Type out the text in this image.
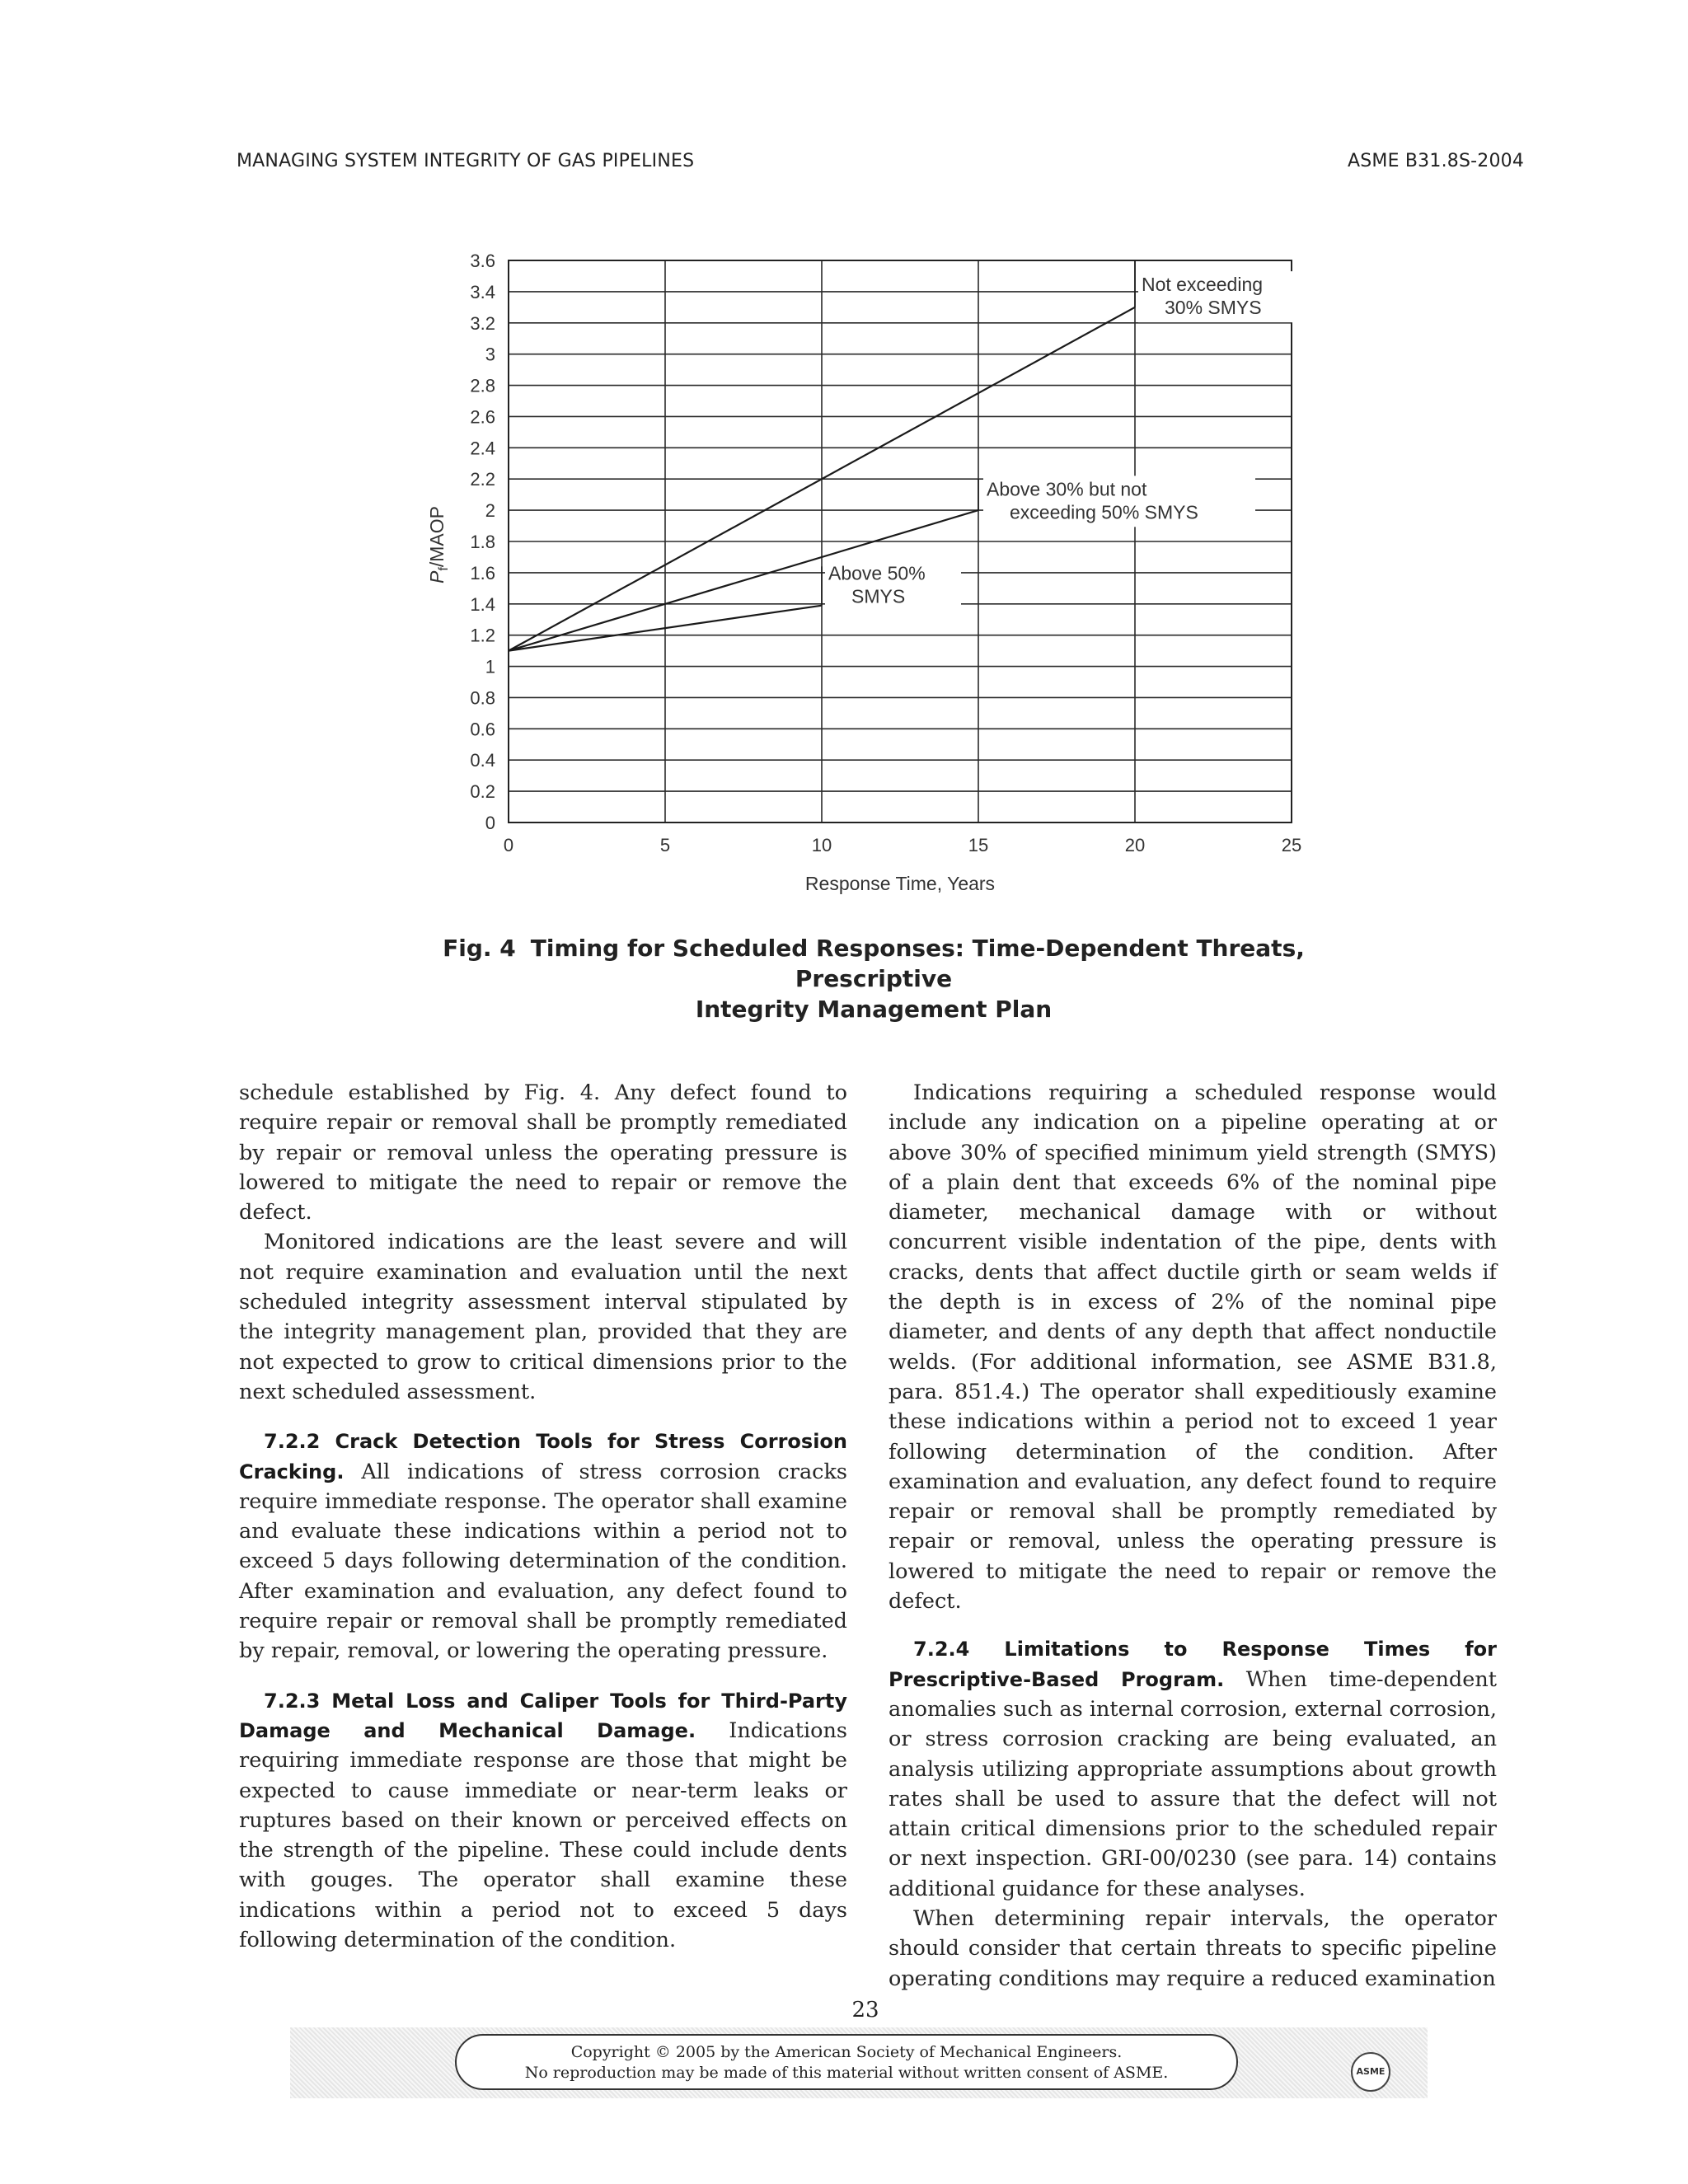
MANAGING SYSTEM INTEGRITY OF GAS PIPELINES	ASME B31.8S-2004
0
0.2
0.4
0.6
0.8
1
1.2
1.4
1.6
1.8
2
2.2
2.4
2.6
2.8
3
3.2
3.4
3.6
0	5	10	15	20	25
Response Time, Years
$P_f$/MAOP
Not exceeding
30% SMYS
Above 30% but not
exceeding 50% SMYS
Above 50%
SMYS
Fig. 4 Timing for Scheduled Responses: Time-Dependent Threats, Prescriptive
Integrity Management Plan

schedule established by Fig. 4. Any defect found to require repair or removal shall be promptly remediated by repair or removal unless the operating pressure is lowered to mitigate the need to repair or remove the defect.

Monitored indications are the least severe and will not require examination and evaluation until the next scheduled integrity assessment interval stipulated by the integrity management plan, provided that they are not expected to grow to critical dimensions prior to the next scheduled assessment.

7.2.2 Crack Detection Tools for Stress Corrosion Cracking. All indications of stress corrosion cracks require immediate response. The operator shall examine and evaluate these indications within a period not to exceed 5 days following determination of the condition. After examination and evaluation, any defect found to require repair or removal shall be promptly remediated by repair, removal, or lowering the operating pressure.

7.2.3 Metal Loss and Caliper Tools for Third-Party Damage and Mechanical Damage. Indications requiring immediate response are those that might be expected to cause immediate or near-term leaks or ruptures based on their known or perceived effects on the strength of the pipeline. These could include dents with gouges. The operator shall examine these indications within a period not to exceed 5 days following determination of the condition.

Indications requiring a scheduled response would include any indication on a pipeline operating at or above 30% of specified minimum yield strength (SMYS) of a plain dent that exceeds 6% of the nominal pipe diameter, mechanical damage with or without concurrent visible indentation of the pipe, dents with cracks, dents that affect ductile girth or seam welds if the depth is in excess of 2% of the nominal pipe diameter, and dents of any depth that affect nonductile welds. (For additional information, see ASME B31.8, para. 851.4.) The operator shall expeditiously examine these indications within a period not to exceed 1 year following determination of the condition. After examination and evaluation, any defect found to require repair or removal shall be promptly remediated by repair or removal, unless the operating pressure is lowered to mitigate the need to repair or remove the defect.

7.2.4 Limitations to Response Times for Prescriptive-Based Program. When time-dependent anomalies such as internal corrosion, external corrosion, or stress corrosion cracking are being evaluated, an analysis utilizing appropriate assumptions about growth rates shall be used to assure that the defect will not attain critical dimensions prior to the scheduled repair or next inspection. GRI-00/0230 (see para. 14) contains additional guidance for these analyses.

When determining repair intervals, the operator should consider that certain threats to specific pipeline operating conditions may require a reduced examination

23
Copyright © 2005 by the American Society of Mechanical Engineers.
No reproduction may be made of this material without written consent of ASME.	ASME
